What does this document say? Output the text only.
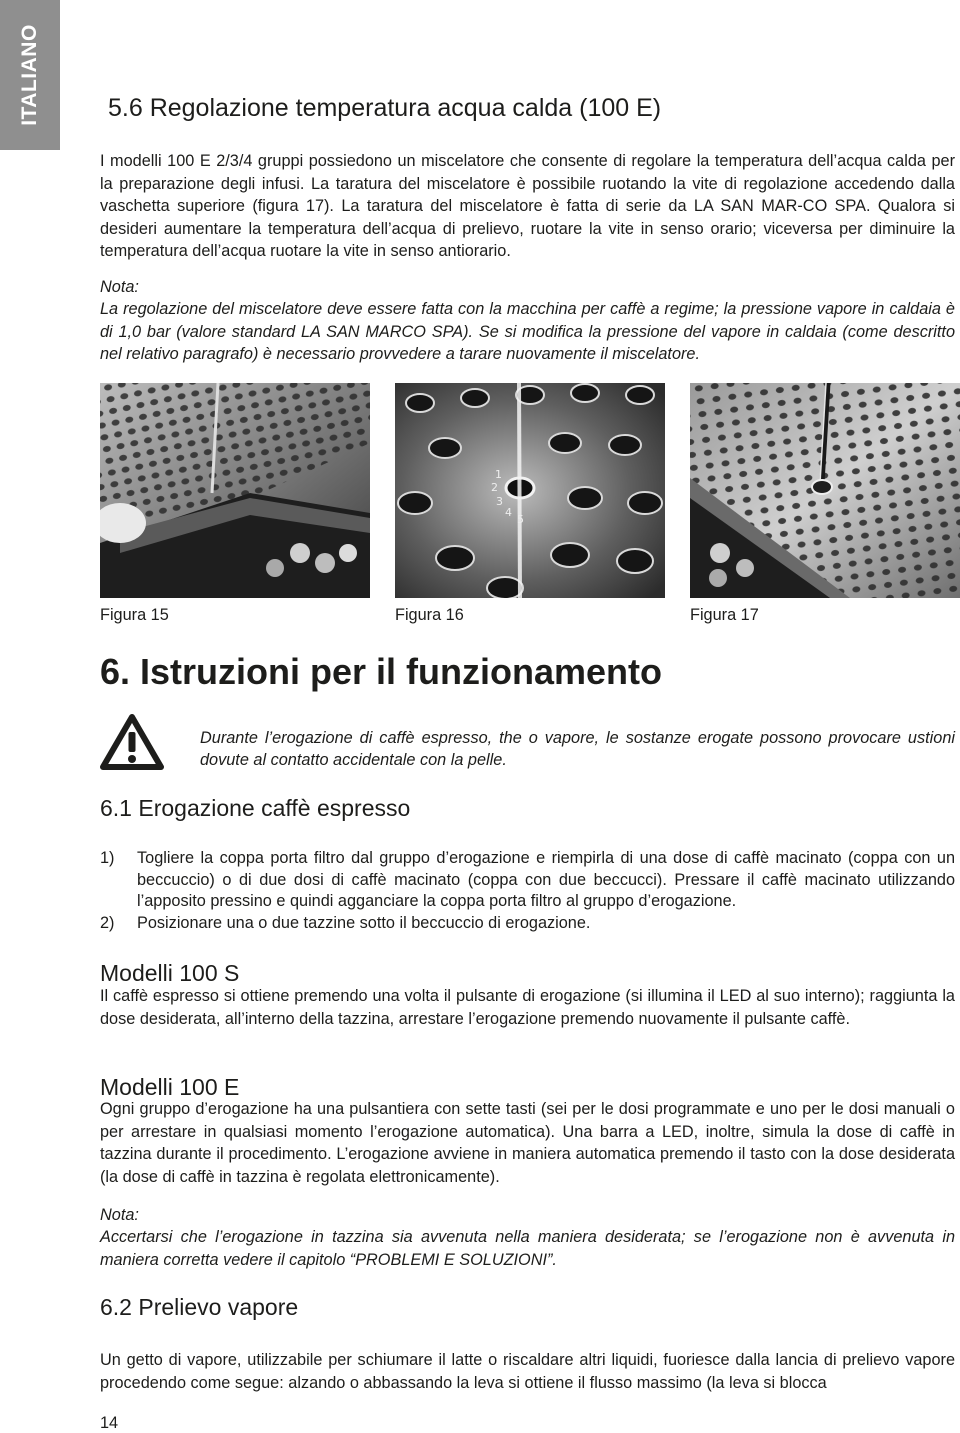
ITALIANO	5.6 Regolazione temperatura acqua calda (100 E)

I modelli 100 E 2/3/4 gruppi possiedono un miscelatore che consente di regolare la temperatura dell’acqua calda per la preparazione degli infusi. La taratura del miscelatore è possibile ruotando la vite di regolazione accedendo dalla vaschetta superiore (figura 17). La taratura del miscelatore è fatta di serie da LA SAN MAR-CO SPA. Qualora si desideri aumentare la temperatura dell’acqua di prelievo, ruotare la vite in senso orario; viceversa per diminuire la temperatura dell’acqua ruotare la vite in senso antiorario.

Nota:

La regolazione del miscelatore deve essere fatta con la macchina per caffè a regime; la pressione vapore in caldaia è di 1,0 bar (valore standard LA SAN MARCO SPA). Se si modifica la pressione del vapore in caldaia (come descritto nel relativo paragrafo) è necessario provvedere a tarare nuovamente il miscelatore.

1
2
3
4
5

Figura 15	Figura 16	Figura 17

6. Istruzioni per il funzionamento

Durante l’erogazione di caffè espresso, the o vapore, le sostanze erogate possono provocare ustioni dovute al contatto accidentale con la pelle.

6.1 Erogazione caffè espresso
1)	Togliere la coppa porta filtro dal gruppo d’erogazione e riempirla di una dose di caffè macinato (coppa con un beccuccio) o di due dosi di caffè macinato (coppa con due beccucci). Pressare il caffè macinato utilizzando l’apposito pressino e quindi agganciare la coppa porta filtro al gruppo d’erogazione.
2)	Posizionare una o due tazzine sotto il beccuccio di erogazione.
Modelli 100 S

Il caffè espresso si ottiene premendo una volta il pulsante di erogazione (si illumina il LED al suo interno); raggiunta la dose desiderata, all’interno della tazzina, arrestare l’erogazione premendo nuovamente il pulsante caffè.

Modelli 100 E

Ogni gruppo d’erogazione ha una pulsantiera con sette tasti (sei per le dosi programmate e uno per le dosi manuali o per arrestare in qualsiasi momento l’erogazione automatica). Una barra a LED, inoltre, simula la dose di caffè in tazzina durante il procedimento. L’erogazione avviene in maniera automatica premendo il tasto con la dose desiderata (la dose di caffè in tazzina è regolata elettronicamente).

Nota:

Accertarsi che l’erogazione in tazzina sia avvenuta nella maniera desiderata; se l’erogazione non è avvenuta in maniera corretta vedere il capitolo “PROBLEMI E SOLUZIONI”.

6.2 Prelievo vapore

Un getto di vapore, utilizzabile per schiumare il latte o riscaldare altri liquidi, fuoriesce dalla lancia di prelievo vapore procedendo come segue: alzando o abbassando la leva si ottiene il flusso massimo (la leva si blocca

14
